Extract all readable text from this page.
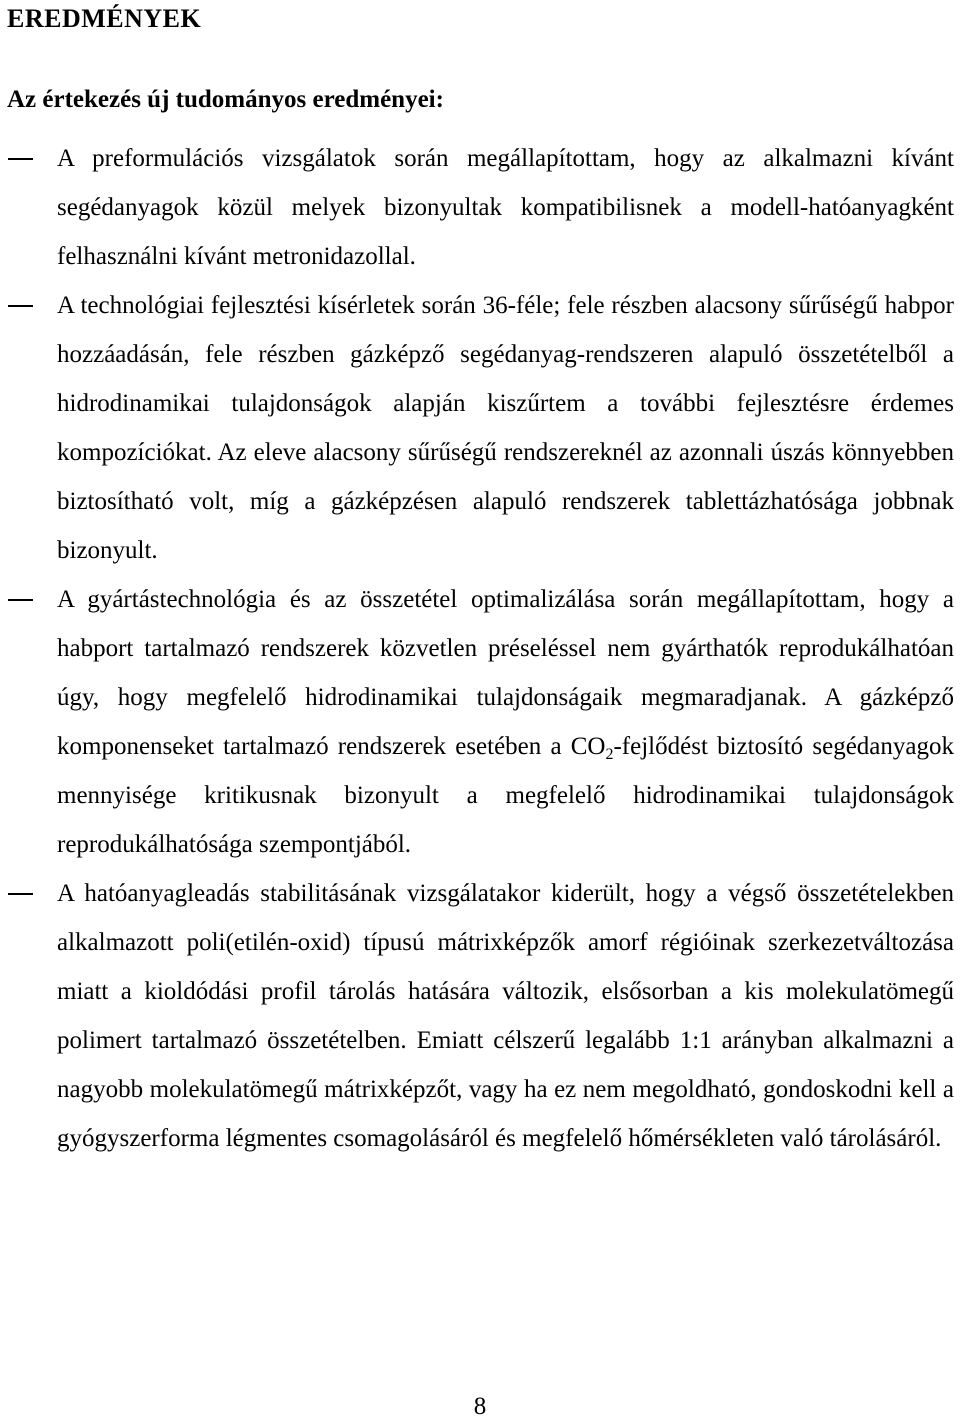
EREDMÉNYEK
Az értekezés új tudományos eredményei:
A preformulációs vizsgálatok során megállapítottam, hogy az alkalmazni kívánt segédanyagok közül melyek bizonyultak kompatibilisnek a modell-hatóanyagként felhasználni kívánt metronidazollal.
A technológiai fejlesztési kísérletek során 36-féle; fele részben alacsony sűrűségű habpor hozzáadásán, fele részben gázképző segédanyag-rendszeren alapuló összetételből a hidrodinamikai tulajdonságok alapján kiszűrtem a további fejlesztésre érdemes kompozíciókat. Az eleve alacsony sűrűségű rendszereknél az azonnali úszás könnyebben biztosítható volt, míg a gázképzésen alapuló rendszerek tablettázhatósága jobbnak bizonyult.
A gyártástechnológia és az összetétel optimalizálása során megállapítottam, hogy a habport tartalmazó rendszerek közvetlen préseléssel nem gyárthatók reprodukálhatóan úgy, hogy megfelelő hidrodinamikai tulajdonságaik megmaradjanak. A gázképző komponenseket tartalmazó rendszerek esetében a $CO_2$-fejlődést biztosító segédanyagok mennyisége kritikusnak bizonyult a megfelelő hidrodinamikai tulajdonságok reprodukálhatósága szempontjából.
A hatóanyagleadás stabilitásának vizsgálatakor kiderült, hogy a végső összetételekben alkalmazott poli(etilén-oxid) típusú mátrixképzők amorf régióinak szerkezetváltozása miatt a kioldódási profil tárolás hatására változik, elsősorban a kis molekulatömegű polimert tartalmazó összetételben. Emiatt célszerű legalább 1:1 arányban alkalmazni a nagyobb molekulatömegű mátrixképzőt, vagy ha ez nem megoldható, gondoskodni kell a gyógyszerforma légmentes csomagolásáról és megfelelő hőmérsékleten való tárolásáról.

8
